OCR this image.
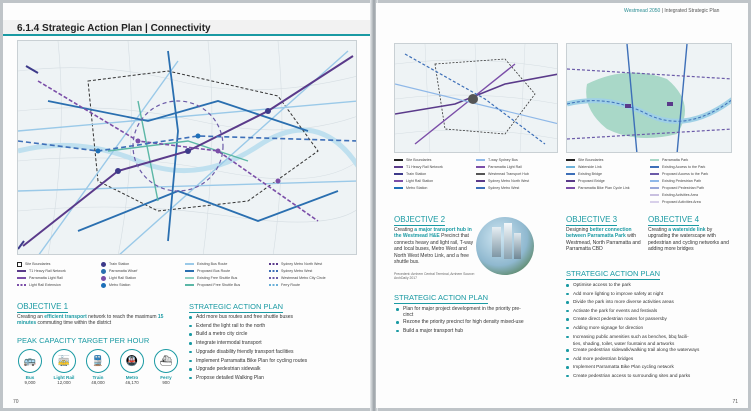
6.1.4 Strategic Action Plan | Connectivity
Site Boundaries
T1 Heavy Rail Network
Parramatta Light Rail
Light Rail Extension
Train Station
Parramatta Wharf
Light Rail Station
Metro Station
Existing Bus Route
Proposed Bus Route
Existing Free Shuttle Bus
Proposed Free Shuttle Bus
Sydney Metro North West
Sydney Metro West
Westmead Metro City Circle
Ferry Route
OBJECTIVE 1
Creating an efficient transport network to reach the maximum 15 minutes commuting time within the district
PEAK CAPACITY TARGET PER HOUR
🚌
Bus
9,000
🚋
Light Rail
12,000
🚆
Train
48,000
🚇
Metro
46,170
⛴
Ferry
900
STRATEGIC ACTION PLAN
Add more bus routes and free shuttle buses
Extend the light rail to the north
Build a metro city circle
Integrate intermodal transport
Upgrade disability friendly transport facilities
Implement Parramatta Bike Plan for cycling routes
Upgrade pedestrian sidewalk
Propose detailed Walking Plan
70
Westmead 2050 | Integrated Strategic Plan
Site Boundaries
T1 Heavy Rail Network
Train Station
Light Rail Station
Metro Station
T-way Sydney Bus
Parramatta Light Rail
Westmead Transport Hub
Sydney Metro North West
Sydney Metro West
Site Boundaries
Waterside Link
Existing Bridge
Proposed Bridge
Parramatta Bike Plan Cycle Link
Parramatta Park
Existing Access to the Park
Proposed Access to the Park
Existing Pedestrian Path
Proposed Pedestrian Path
Existing Activities Area
Proposed Activities Area
OBJECTIVE 2
Creating a major transport hub in the Westmead H&E Precinct that connects heavy and light rail, T-way and local buses, Metro West and North West Metro Link, and a free shuttle bus.
Precedent: Arnhem Central Terminal, Arnhem Source: ArchDaily 2017
OBJECTIVE 3
Designing better connection between Parramatta Park with Westmead, North Parramatta and Parramatta CBD
OBJECTIVE 4
Creating a waterside link by upgrading the waterscape with pedestrian and cycling networks and adding more bridges
STRATEGIC ACTION PLAN
Plan for major project development in the priority pre-
cinct
Rezone the priority precinct for high density mixed-use
Build a major transport hub
STRATEGIC ACTION PLAN
Optimise access to the park
Add more lighting to improve safety at night
Divide the park into more diverse activities areas
Activate the park for events and festivals
Create direct pedestrian routes for passersby
Adding more signage for direction
Increasing public amenities such as benches, bbq facili-
ties, shading, toilet, water fountains and artworks
Create pedestrian sidewalk/walking trail along the waterways
Add more pedestrian bridges
Implement Parramatta Bike Plan cycling network
Create pedestrian access to surrounding sites and parks
71
